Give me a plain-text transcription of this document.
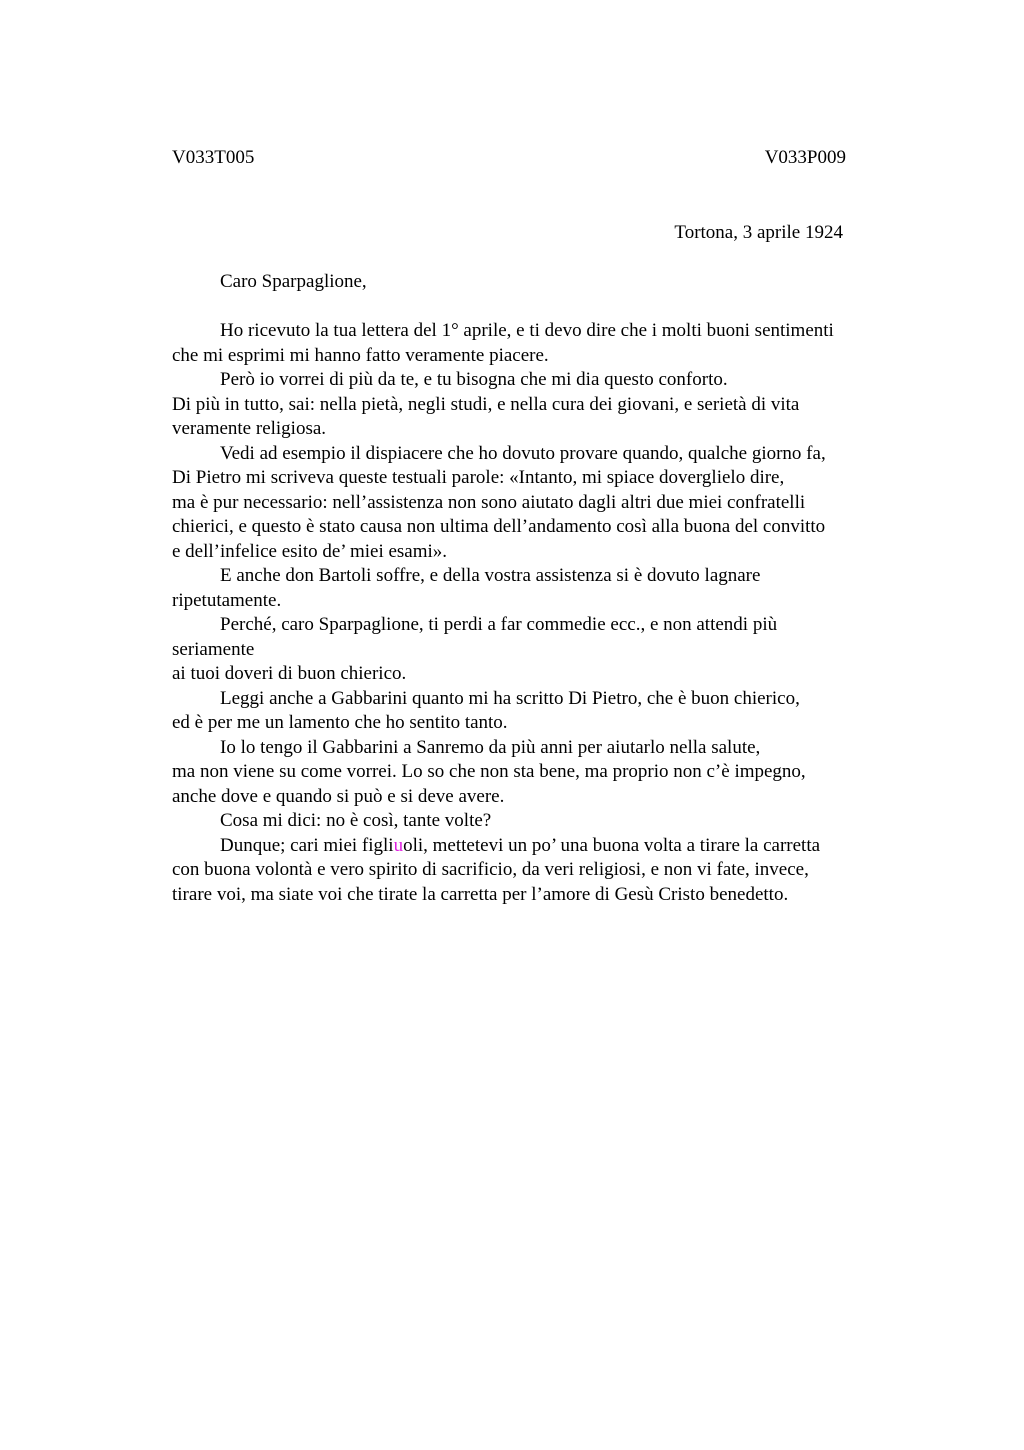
V033T005	V033P009
Tortona, 3 aprile 1924
Caro Sparpaglione,
Ho ricevuto la tua lettera del 1° aprile, e ti devo dire che i molti buoni sentimenti
che mi esprimi mi hanno fatto veramente piacere.
Però io vorrei di più da te, e tu bisogna che mi dia questo conforto.
Di più in tutto, sai: nella pietà, negli studi, e nella cura dei giovani, e serietà di vita
veramente religiosa.
Vedi ad esempio il dispiacere che ho dovuto provare quando, qualche giorno fa,
Di Pietro mi scriveva queste testuali parole: «Intanto, mi spiace doverglielo dire,
ma è pur necessario: nell’assistenza non sono aiutato dagli altri due miei confratelli
chierici, e questo è stato causa non ultima dell’andamento così alla buona del convitto
e dell’infelice esito de’ miei esami».
E anche don Bartoli soffre, e della vostra assistenza si è dovuto lagnare
ripetutamente.
Perché, caro Sparpaglione, ti perdi a far commedie ecc., e non attendi più
seriamente
ai tuoi doveri di buon chierico.
Leggi anche a Gabbarini quanto mi ha scritto Di Pietro, che è buon chierico,
ed è per me un lamento che ho sentito tanto.
Io lo tengo il Gabbarini a Sanremo da più anni per aiutarlo nella salute,
ma non viene su come vorrei. Lo so che non sta bene, ma proprio non c’è impegno,
anche dove e quando si può e si deve avere.
Cosa mi dici: no è così, tante volte?
Dunque; cari miei figliuoli, mettetevi un po’ una buona volta a tirare la carretta
con buona volontà e vero spirito di sacrificio, da veri religiosi, e non vi fate, invece,
tirare voi, ma siate voi che tirate la carretta per l’amore di Gesù Cristo benedetto.
